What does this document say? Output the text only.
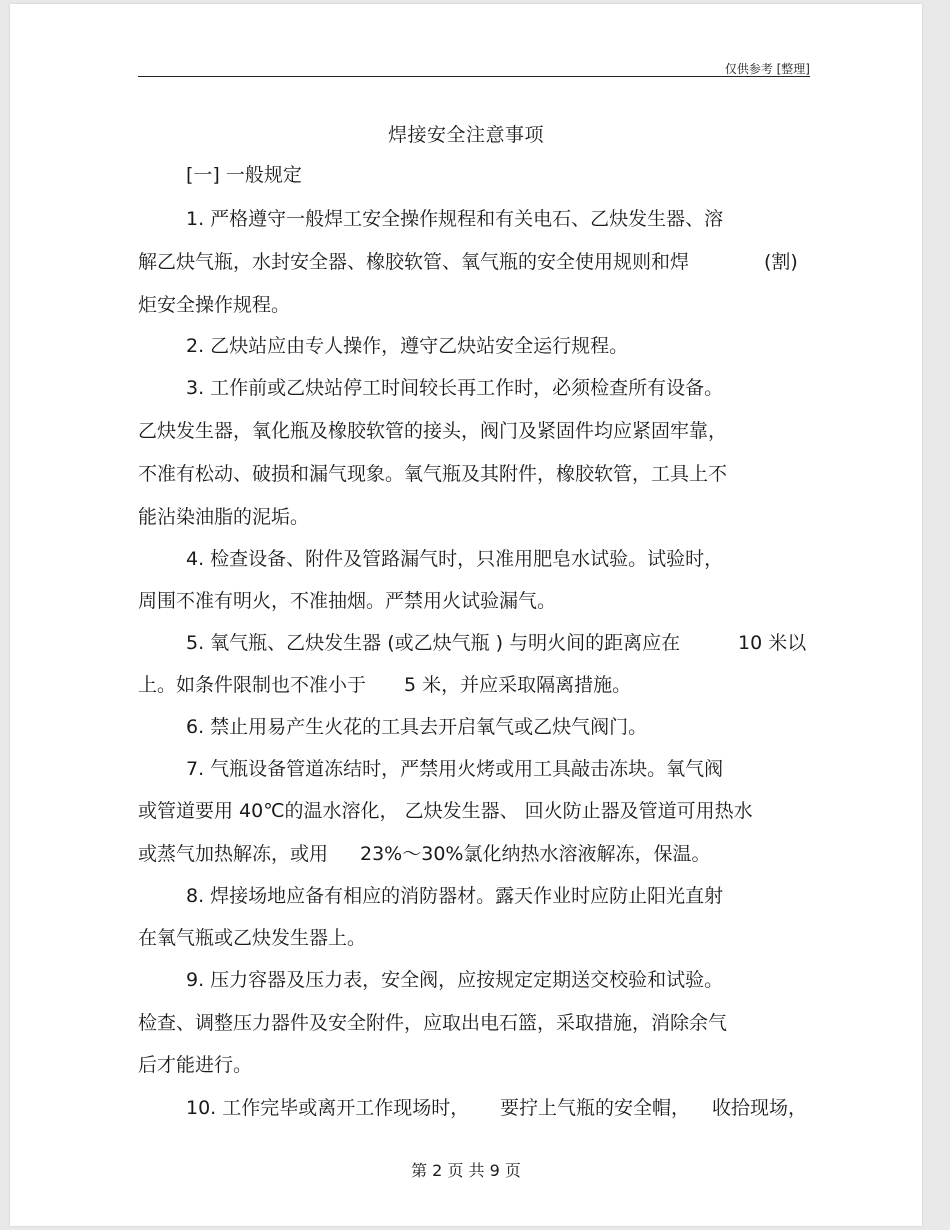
仅供参考 [整理]
焊接安全注意事项
[一] 一般规定
1. 严格遵守一般焊工安全操作规程和有关电石、乙炔发生器、溶
解乙炔气瓶，水封安全器、橡胶软管、氧气瓶的安全使用规则和焊	(割)
炬安全操作规程。
2. 乙炔站应由专人操作，遵守乙炔站安全运行规程。
3. 工作前或乙炔站停工时间较长再工作时，必须检查所有设备。
乙炔发生器，氧化瓶及橡胶软管的接头，阀门及紧固件均应紧固牢靠，
不准有松动、破损和漏气现象。氧气瓶及其附件，橡胶软管，工具上不
能沾染油脂的泥垢。
4. 检查设备、附件及管路漏气时，只准用肥皂水试验。试验时，
周围不准有明火，不准抽烟。严禁用火试验漏气。
5. 氧气瓶、乙炔发生器 (或乙炔气瓶 ) 与明火间的距离应在	10 米以
上。如条件限制也不准小于 5 米，并应采取隔离措施。
6. 禁止用易产生火花的工具去开启氧气或乙炔气阀门。
7. 气瓶设备管道冻结时，严禁用火烤或用工具敲击冻块。氧气阀
或管道要用 40℃的温水溶化， 乙炔发生器、 回火防止器及管道可用热水
或蒸气加热解冻，或用 23%～30%氯化纳热水溶液解冻，保温。
8. 焊接场地应备有相应的消防器材。露天作业时应防止阳光直射
在氧气瓶或乙炔发生器上。
9. 压力容器及压力表，安全阀，应按规定定期送交校验和试验。
检查、调整压力器件及安全附件，应取出电石篮，采取措施，消除余气
后才能进行。
10. 工作完毕或离开工作现场时， 要拧上气瓶的安全帽， 收拾现场，
第 2 页 共 9 页
